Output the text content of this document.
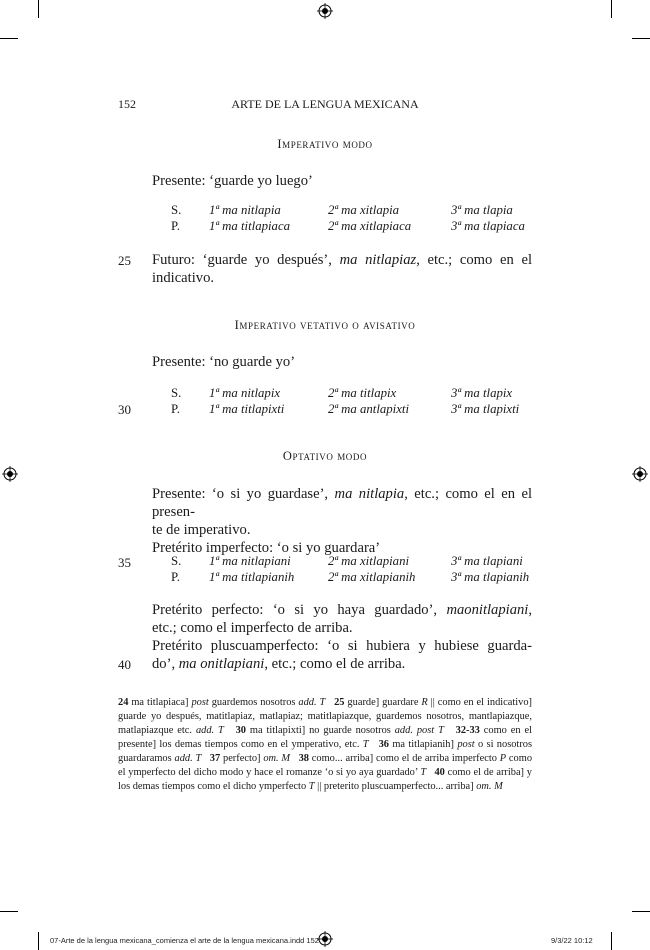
152	ARTE DE LA LENGUA MEXICANA
Imperativo modo
Presente: ‘guarde yo luego’
S. 1ª ma nitlapia	2ª ma xitlapia	3ª ma tlapia
P. 1ª ma titlapiaca	2ª ma xitlapiaca	3ª ma tlapiaca
25 Futuro: ‘guarde yo después’, ma nitlapiaz, etc.; como en el
indicativo.
Imperativo vetativo o avisativo
Presente: ‘no guarde yo’
S. 1ª ma nitlapix	2ª ma titlapix	3ª ma tlapix
P. 1ª ma titlapixti	2ª ma antlapixti	3ª ma tlapixti
30
Optativo modo
Presente: ‘o si yo guardase’, ma nitlapia, etc.; como el en el presen-
te de imperativo.
Pretérito imperfecto: ‘o si yo guardara’
35	S. 1ª ma nitlapiani	2ª ma xitlapiani	3ª ma tlapiani
P. 1ª ma titlapianih	2ª ma xitlapianih	3ª ma tlapianih
Pretérito perfecto: ‘o si yo haya guardado’, maonitlapiani,
etc.; como el imperfecto de arriba.
Pretérito pluscuamperfecto: ‘o si hubiera y hubiese guarda-
do’, ma onitlapiani, etc.; como el de arriba.
40
24 ma titlapiaca] post guardemos nosotros add. T 25 guarde] guardare R || como en el indicativo] guarde yo después, matitlapiaz, matlapiaz; matitlapiazque, guardemos nosotros, mantlapiazque, matlapiazque etc. add. T 30 ma titlapixti] no guarde nosotros add. post T 32-33 como en el presente] los demas tiempos como en el ymperativo, etc. T 36 ma titlapianih] post o si nosotros guardaramos add. T 37 perfecto] om. M 38 como... arriba] como el de arriba imperfecto P como el ymperfecto del dicho modo y hace el romanze ‘o si yo aya guardado’ T 40 como el de arriba] y los demas tiempos como el dicho ymperfecto T || preterito pluscuamperfecto... arriba] om. M
07-Arte de la lengua mexicana_comienza el arte de la lengua mexicana.indd 152	9/3/22 10:12
